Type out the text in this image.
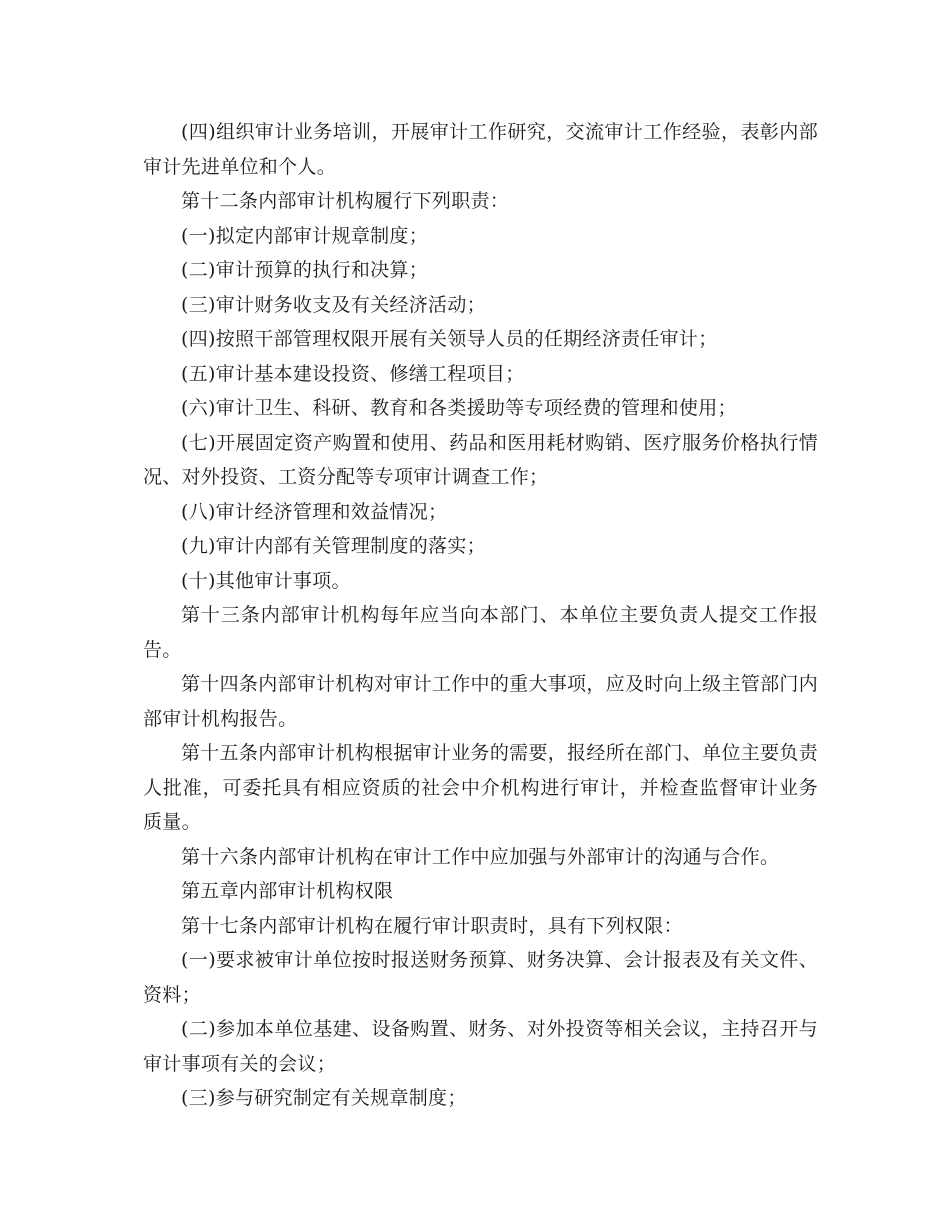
(四)组织审计业务培训，开展审计工作研究，交流审计工作经验，表彰内部审计先进单位和个人。

第十二条内部审计机构履行下列职责：

(一)拟定内部审计规章制度；

(二)审计预算的执行和决算；

(三)审计财务收支及有关经济活动；

(四)按照干部管理权限开展有关领导人员的任期经济责任审计；

(五)审计基本建设投资、修缮工程项目；

(六)审计卫生、科研、教育和各类援助等专项经费的管理和使用；

(七)开展固定资产购置和使用、药品和医用耗材购销、医疗服务价格执行情况、对外投资、工资分配等专项审计调查工作；

(八)审计经济管理和效益情况；

(九)审计内部有关管理制度的落实；

(十)其他审计事项。

第十三条内部审计机构每年应当向本部门、本单位主要负责人提交工作报告。

第十四条内部审计机构对审计工作中的重大事项，应及时向上级主管部门内部审计机构报告。

第十五条内部审计机构根据审计业务的需要，报经所在部门、单位主要负责人批准，可委托具有相应资质的社会中介机构进行审计，并检查监督审计业务质量。

第十六条内部审计机构在审计工作中应加强与外部审计的沟通与合作。

第五章内部审计机构权限

第十七条内部审计机构在履行审计职责时，具有下列权限：

(一)要求被审计单位按时报送财务预算、财务决算、会计报表及有关文件、资料；

(二)参加本单位基建、设备购置、财务、对外投资等相关会议，主持召开与审计事项有关的会议；

(三)参与研究制定有关规章制度；
